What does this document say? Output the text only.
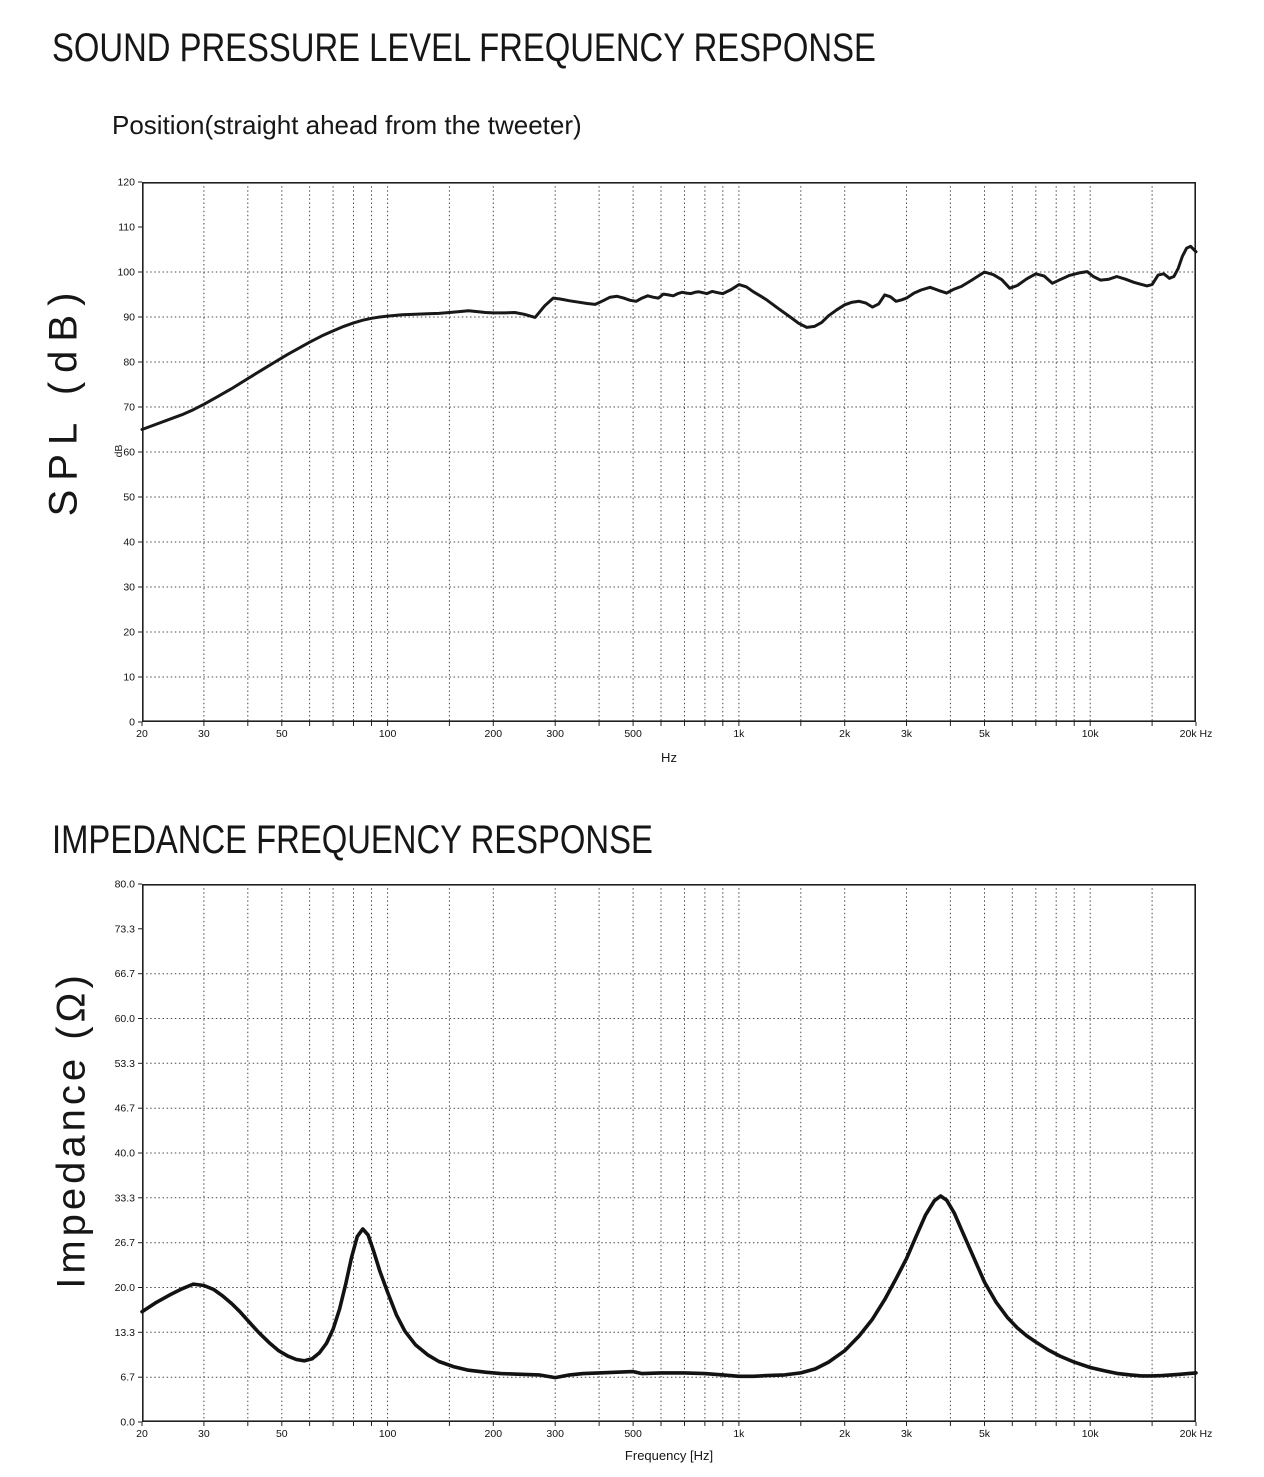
SOUND PRESSURE LEVEL FREQUENCY RESPONSE
Position(straight ahead from the tweeter)
SPL (dB)	dB
20	30	50	100	200	300	500	1k	2k	3k	5k	10k	20k Hz
0
10
20
30
40
50
60
70
80
90
100
110
120
Hz
IMPEDANCE FREQUENCY RESPONSE
Impedance (Ω)
20	30	50	100	200	300	500	1k	2k	3k	5k	10k	20k Hz
0.0
6.7
13.3
20.0
26.7
33.3
40.0
46.7
53.3
60.0
66.7
73.3
80.0
Frequency [Hz]
